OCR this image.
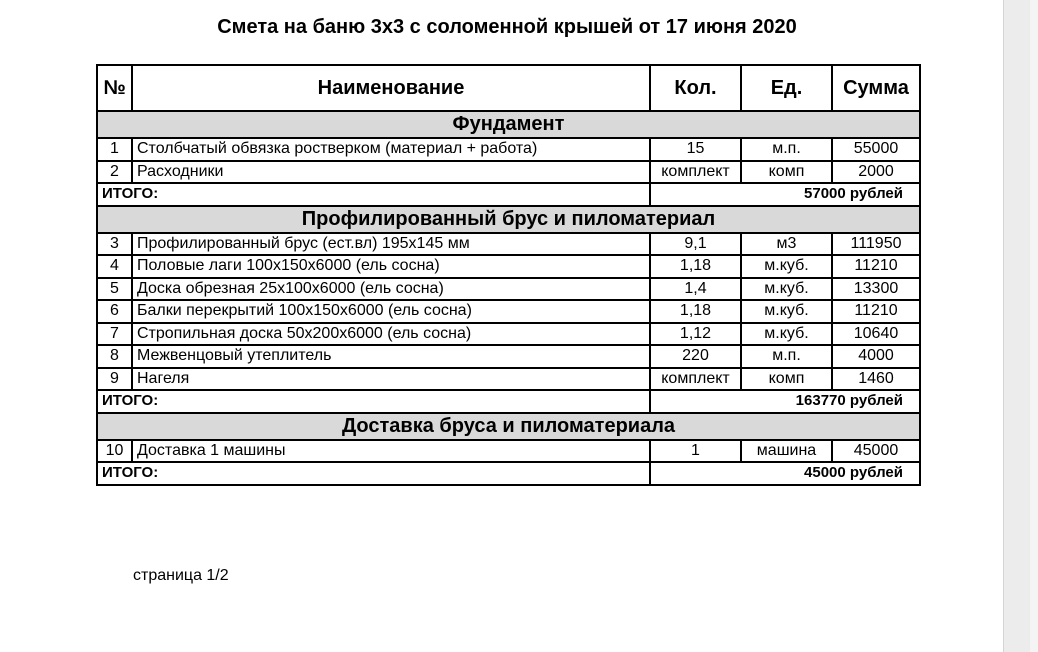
Смета на баню 3х3 с соломенной крышей от 17 июня 2020
№	Наименование	Кол.	Ед.	Сумма
Фундамент				
1	Столбчатый обвязка ростверком (материал + работа)	15	м.п.	55000
2	Расходники	комплект	комп	2000
ИТОГО:		57000 рублей		
Профилированный брус и пиломатериал				
3	Профилированный брус (ест.вл) 195х145 мм	9,1	м3	111950
4	Половые лаги 100х150х6000 (ель сосна)	1,18	м.куб.	11210
5	Доска обрезная 25х100х6000 (ель сосна)	1,4	м.куб.	13300
6	Балки перекрытий 100х150х6000 (ель сосна)	1,18	м.куб.	11210
7	Стропильная доска 50х200х6000 (ель сосна)	1,12	м.куб.	10640
8	Межвенцовый утеплитель	220	м.п.	4000
9	Нагеля	комплект	комп	1460
ИТОГО:		163770 рублей		
Доставка бруса и пиломатериала				
10	Доставка 1 машины	1	машина	45000
ИТОГО:		45000 рублей		
страница 1/2
